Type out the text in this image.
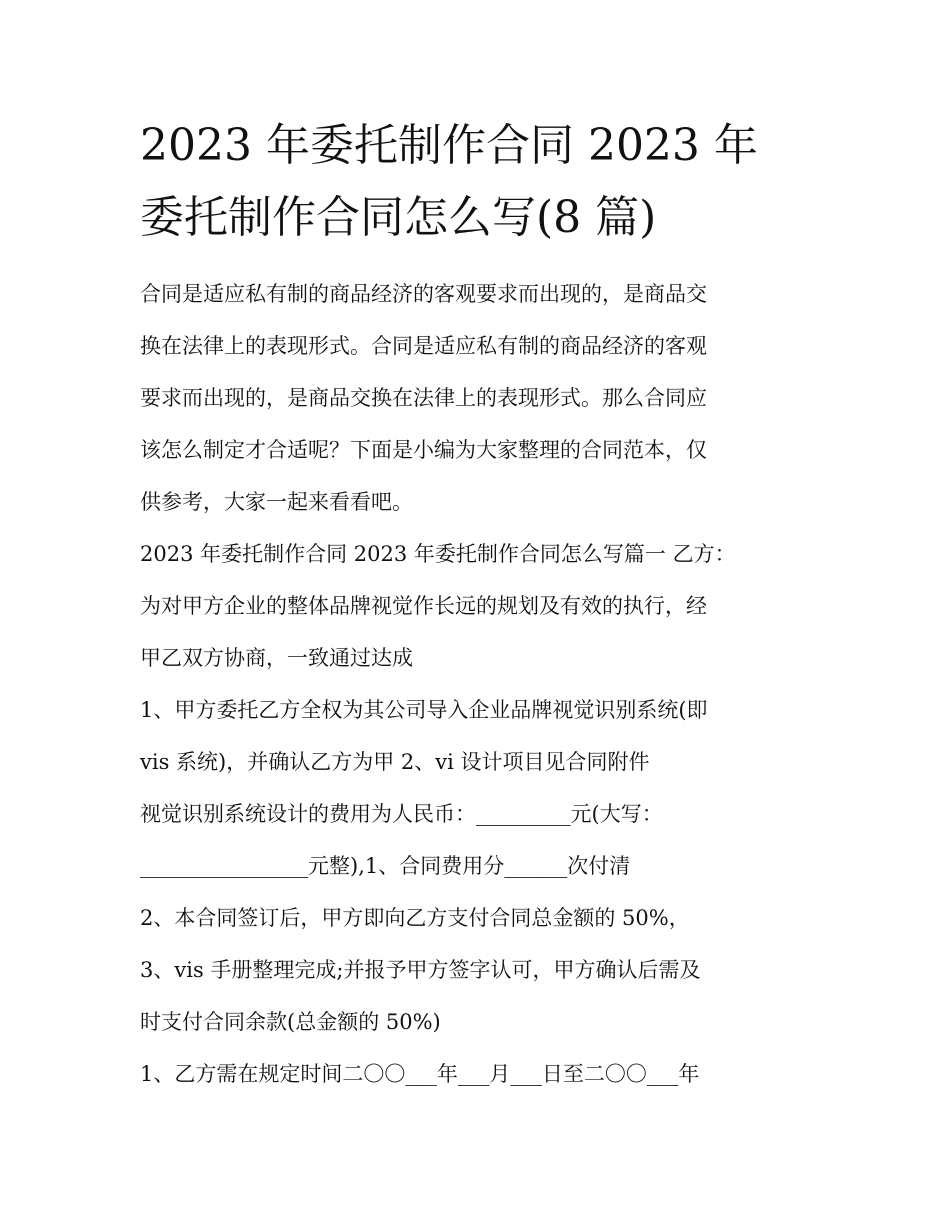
2023 年委托制作合同 2023 年
委托制作合同怎么写(8 篇)

合同是适应私有制的商品经济的客观要求而出现的，是商品交
换在法律上的表现形式。合同是适应私有制的商品经济的客观
要求而出现的，是商品交换在法律上的表现形式。那么合同应
该怎么制定才合适呢？下面是小编为大家整理的合同范本，仅
供参考，大家一起来看看吧。

2023 年委托制作合同 2023 年委托制作合同怎么写篇一 乙方：
为对甲方企业的整体品牌视觉作长远的规划及有效的执行，经
甲乙双方协商，一致通过达成

1、甲方委托乙方全权为其公司导入企业品牌视觉识别系统(即
vis 系统)，并确认乙方为甲 2、vi 设计项目见合同附件

视觉识别系统设计的费用为人民币：_________元(大写：
________________元整),1、合同费用分______次付清

2、本合同签订后，甲方即向乙方支付合同总金额的 50%，

3、vis 手册整理完成;并报予甲方签字认可，甲方确认后需及
时支付合同余款(总金额的 50%)

1、乙方需在规定时间二〇〇___年___月___日至二〇〇___年
